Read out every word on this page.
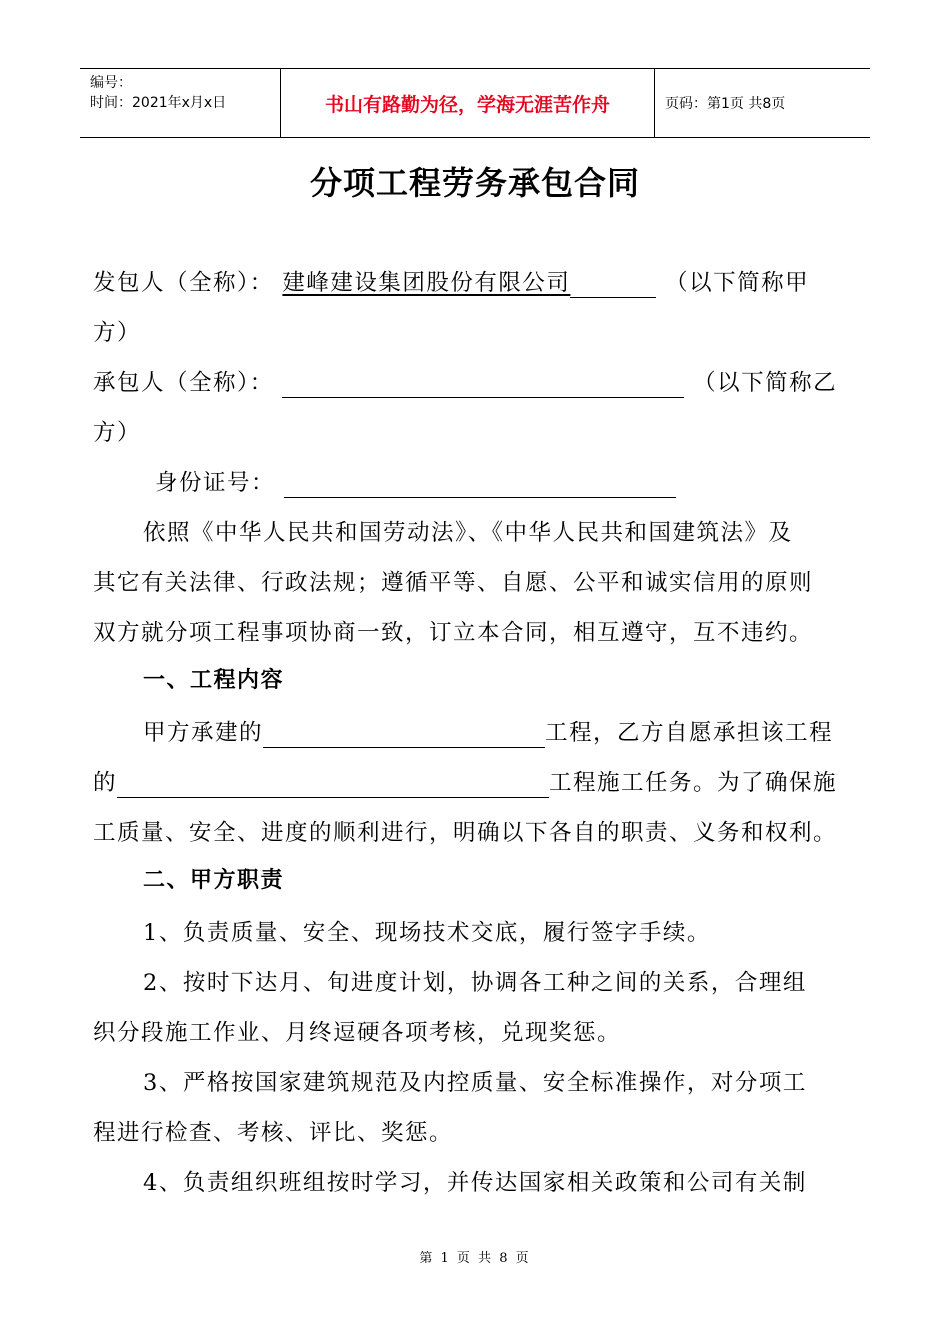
编号：
时间：2021年x月x日	书山有路勤为径，学海无涯苦作舟	页码：第1页 共8页
分项工程劳务承包合同
发包人（全称）： 建峰建设集团股份有限公司	（以下简称甲
方）
承包人（全称）：	（以下简称乙
方）
身份证号：
依照《中华人民共和国劳动法》、《中华人民共和国建筑法》及
其它有关法律、行政法规；遵循平等、自愿、公平和诚实信用的原则
双方就分项工程事项协商一致，订立本合同，相互遵守，互不违约。
一、工程内容
甲方承建的	工程，乙方自愿承担该工程
的	工程施工任务。为了确保施
工质量、安全、进度的顺利进行，明确以下各自的职责、义务和权利。
二、甲方职责
1、负责质量、安全、现场技术交底，履行签字手续。
2、按时下达月、旬进度计划，协调各工种之间的关系，合理组
织分段施工作业、月终逗硬各项考核，兑现奖惩。
3、严格按国家建筑规范及内控质量、安全标准操作，对分项工
程进行检查、考核、评比、奖惩。
4、负责组织班组按时学习，并传达国家相关政策和公司有关制
第 1 页 共 8 页
